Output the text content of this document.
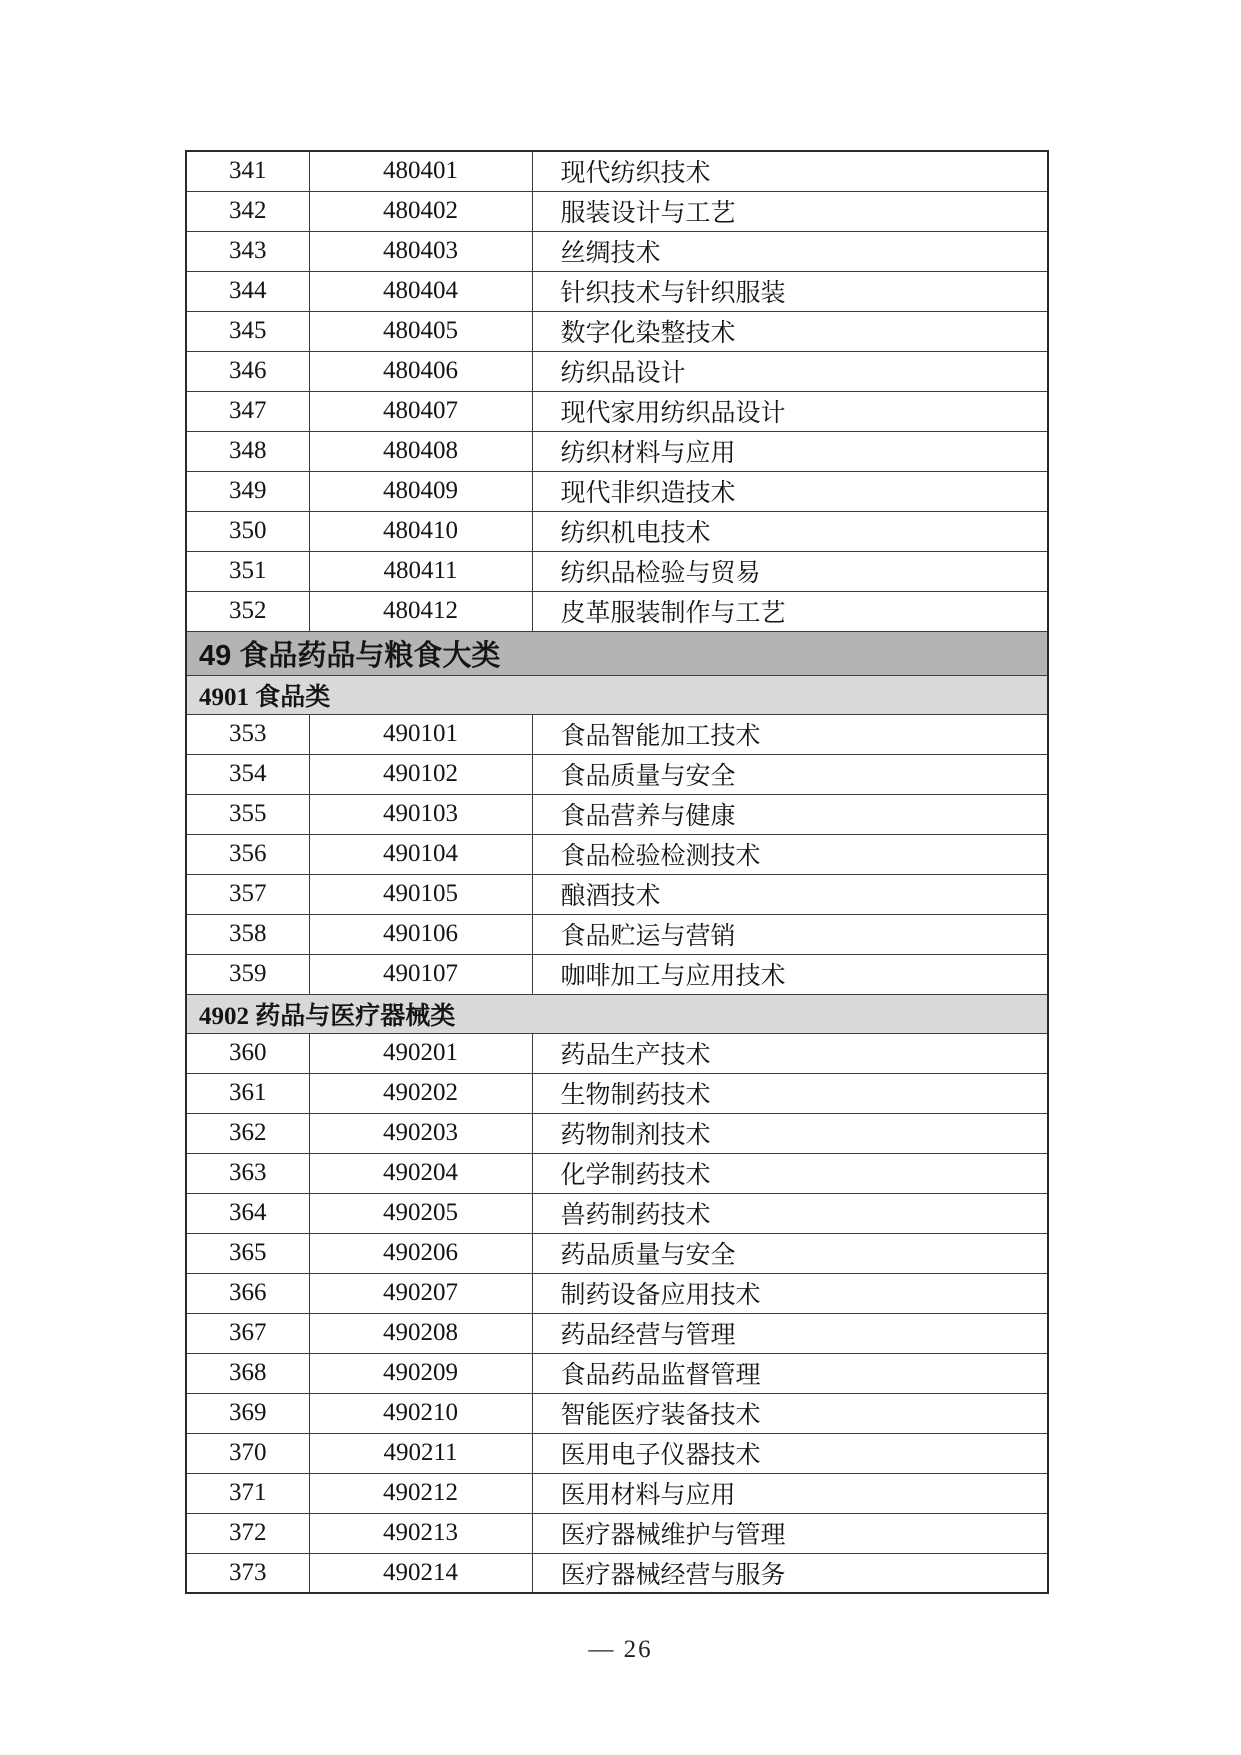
341	480401	现代纺织技术
342	480402	服装设计与工艺
343	480403	丝绸技术
344	480404	针织技术与针织服装
345	480405	数字化染整技术
346	480406	纺织品设计
347	480407	现代家用纺织品设计
348	480408	纺织材料与应用
349	480409	现代非织造技术
350	480410	纺织机电技术
351	480411	纺织品检验与贸易
352	480412	皮革服装制作与工艺
49 食品药品与粮食大类		
4901 食品类		
353	490101	食品智能加工技术
354	490102	食品质量与安全
355	490103	食品营养与健康
356	490104	食品检验检测技术
357	490105	酿酒技术
358	490106	食品贮运与营销
359	490107	咖啡加工与应用技术
4902 药品与医疗器械类		
360	490201	药品生产技术
361	490202	生物制药技术
362	490203	药物制剂技术
363	490204	化学制药技术
364	490205	兽药制药技术
365	490206	药品质量与安全
366	490207	制药设备应用技术
367	490208	药品经营与管理
368	490209	食品药品监督管理
369	490210	智能医疗装备技术
370	490211	医用电子仪器技术
371	490212	医用材料与应用
372	490213	医疗器械维护与管理
373	490214	医疗器械经营与服务
— 26
